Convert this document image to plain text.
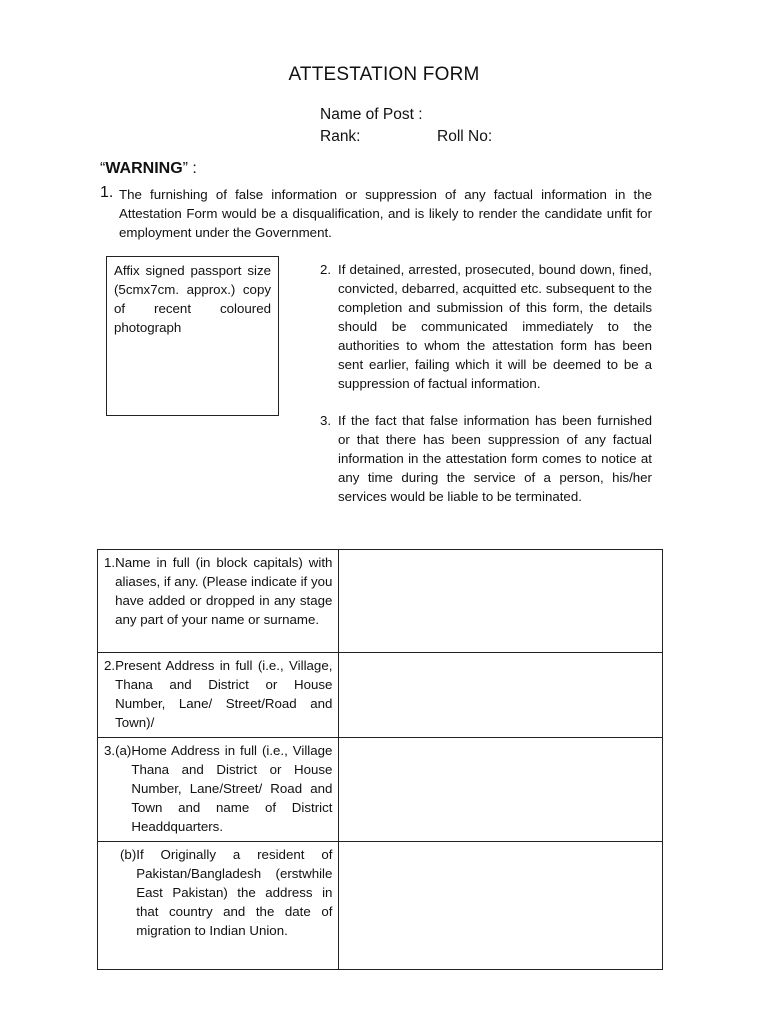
ATTESTATION FORM
Name of Post :
Rank:	Roll No:
“WARNING” :
1. The furnishing of false information or suppression of any factual information in the Attestation Form would be a disqualification, and is likely to render the candidate unfit for employment under the Government.
Affix signed passport size (5cmx7cm. approx.) copy of recent coloured photograph
2. If detained, arrested, prosecuted, bound down, fined, convicted, debarred, acquitted etc. subsequent to the completion and submission of this form, the details should be communicated immediately to the authorities to whom the attestation form has been sent earlier, failing which it will be deemed to be a suppression of factual information.
3. If the fact that false information has been furnished or that there has been suppression of any factual information in the attestation form comes to notice at any time during the service of a person, his/her services would be liable to be terminated.
1. Name in full (in block capitals) with aliases, if any. (Please indicate if you have added or dropped in any stage any part of your name or surname.	

2. Present Address in full (i.e., Village, Thana and District or House Number, Lane/ Street/Road and Town)/	

3. (a) Home Address in full (i.e., Village Thana and District or House Number, Lane/Street/ Road and Town and name of District Headdquarters.	

(b) If Originally a resident of Pakistan/Bangladesh (erstwhile East Pakistan) the address in that country and the date of migration to Indian Union.	
